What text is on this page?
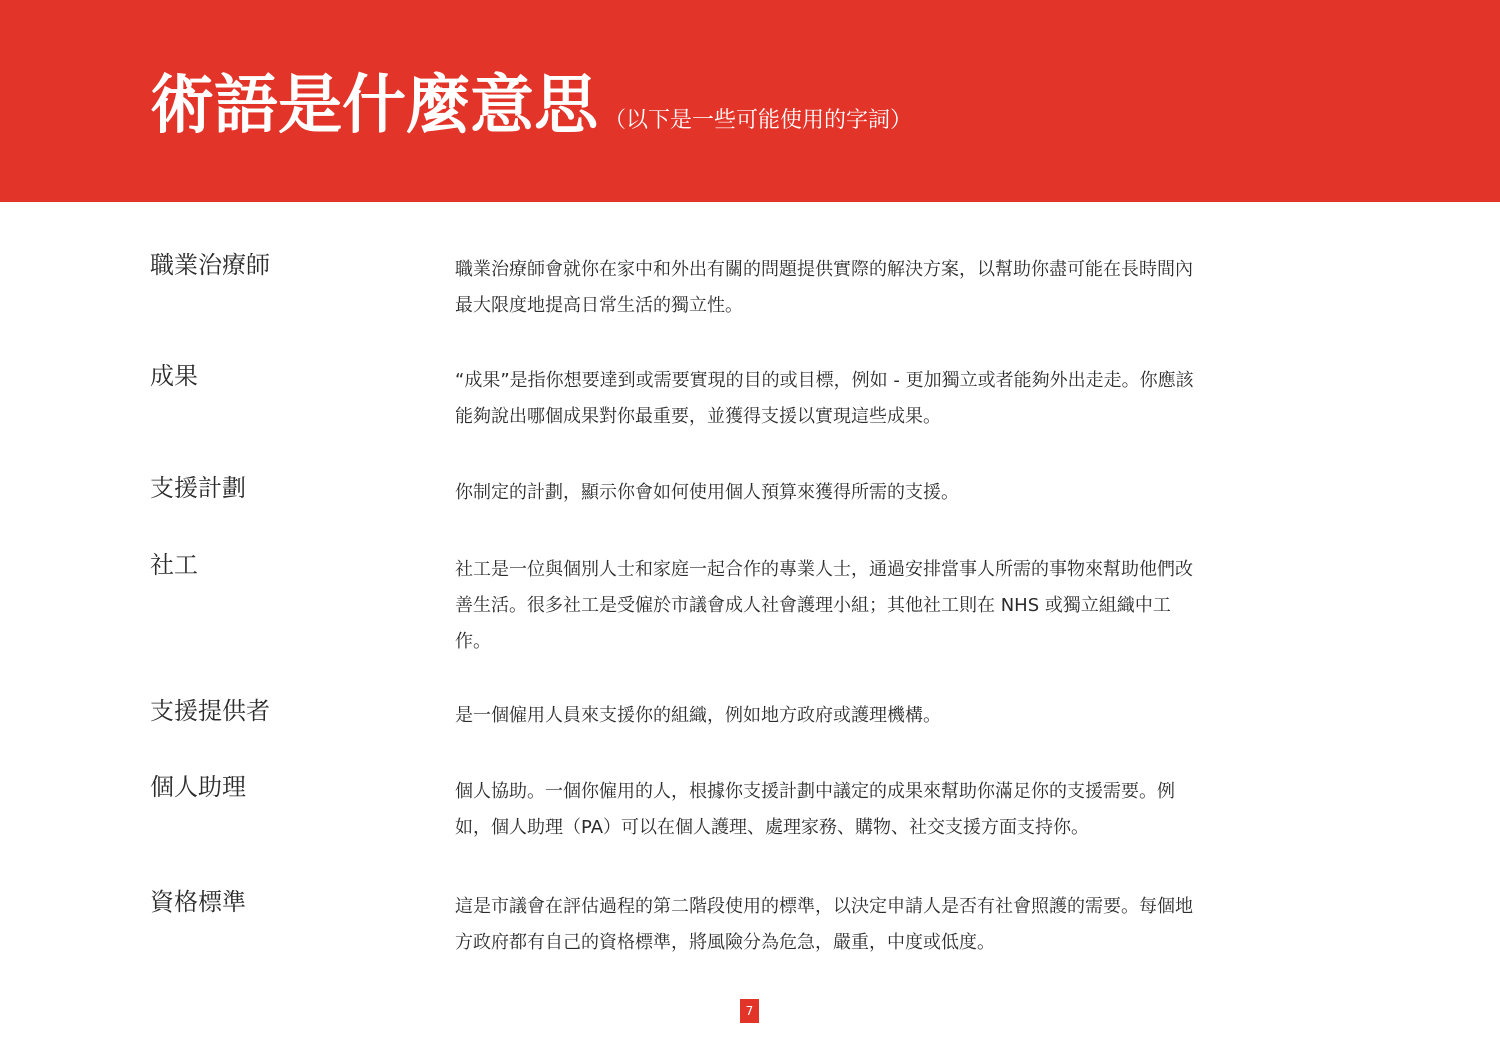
術語是什麼意思 （以下是一些可能使用的字詞）
職業治療師	職業治療師會就你在家中和外出有關的問題提供實際的解決方案，以幫助你盡可能在長時間內最大限度地提高日常生活的獨立性。
成果	“成果”是指你想要達到或需要實現的目的或目標，例如 - 更加獨立或者能夠外出走走。你應該能夠說出哪個成果對你最重要，並獲得支援以實現這些成果。
支援計劃	你制定的計劃，顯示你會如何使用個人預算來獲得所需的支援。
社工	社工是一位與個別人士和家庭一起合作的專業人士，通過安排當事人所需的事物來幫助他們改善生活。很多社工是受僱於市議會成人社會護理小組；其他社工則在 NHS 或獨立組織中工作。
支援提供者	是一個僱用人員來支援你的組織，例如地方政府或護理機構。
個人助理	個人協助。一個你僱用的人，根據你支援計劃中議定的成果來幫助你滿足你的支援需要。例如，個人助理（PA）可以在個人護理、處理家務、購物、社交支援方面支持你。
資格標準	這是市議會在評估過程的第二階段使用的標準，以決定申請人是否有社會照護的需要。每個地方政府都有自己的資格標準，將風險分為危急，嚴重，中度或低度。
7
